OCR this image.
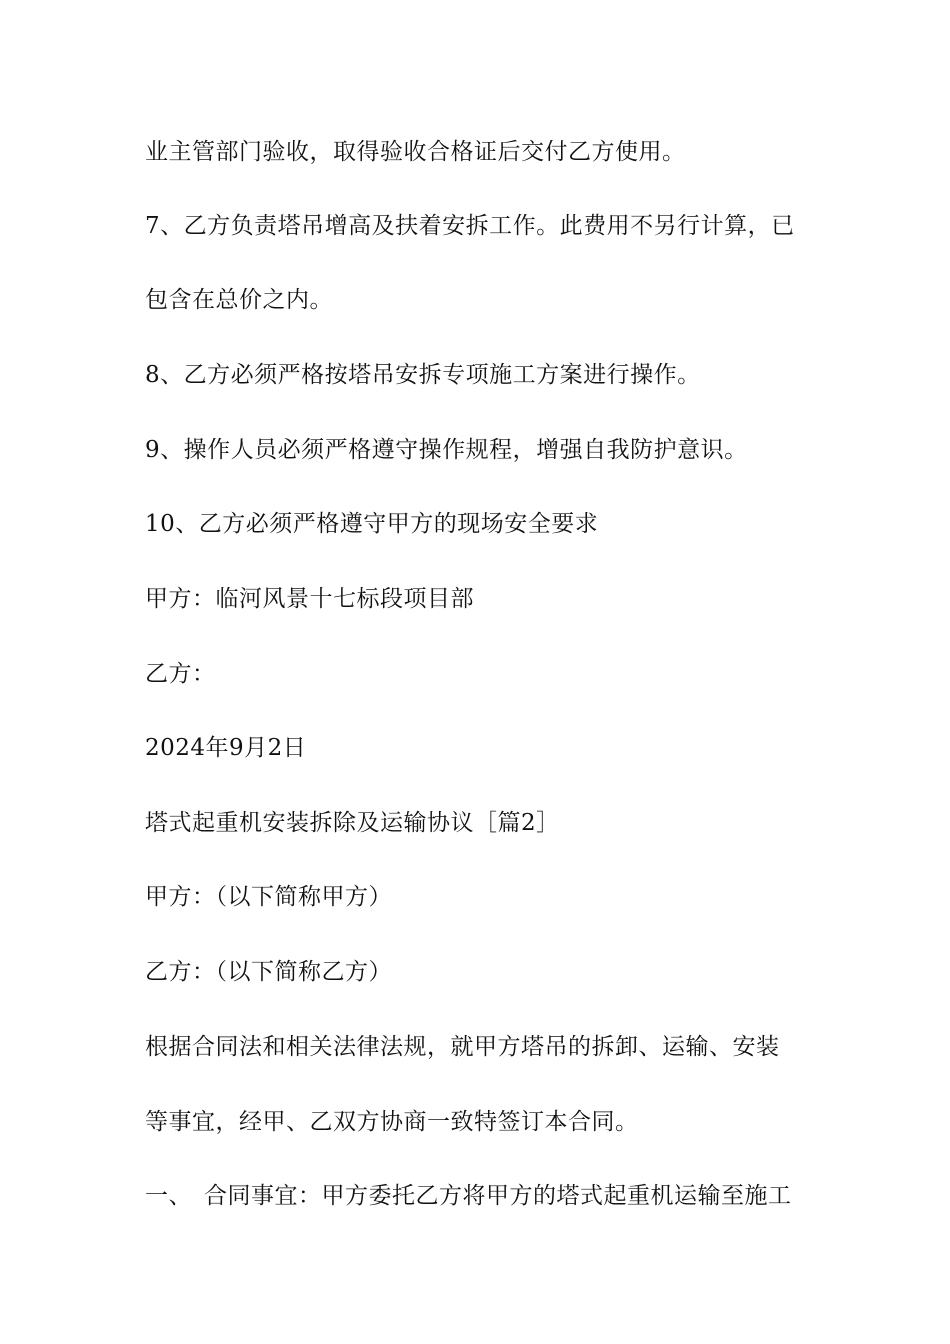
业主管部门验收，取得验收合格证后交付乙方使用。
7、乙方负责塔吊增高及扶着安拆工作。此费用不另行计算，已
包含在总价之内。
8、乙方必须严格按塔吊安拆专项施工方案进行操作。
9、操作人员必须严格遵守操作规程，增强自我防护意识。
10、乙方必须严格遵守甲方的现场安全要求
甲方：临河风景十七标段项目部
乙方：
2024年9月2日
塔式起重机安装拆除及运输协议［篇2］
甲方：（以下简称甲方）
乙方：（以下简称乙方）
根据合同法和相关法律法规，就甲方塔吊的拆卸、运输、安装
等事宜，经甲、乙双方协商一致特签订本合同。
一、　合同事宜：甲方委托乙方将甲方的塔式起重机运输至施工
